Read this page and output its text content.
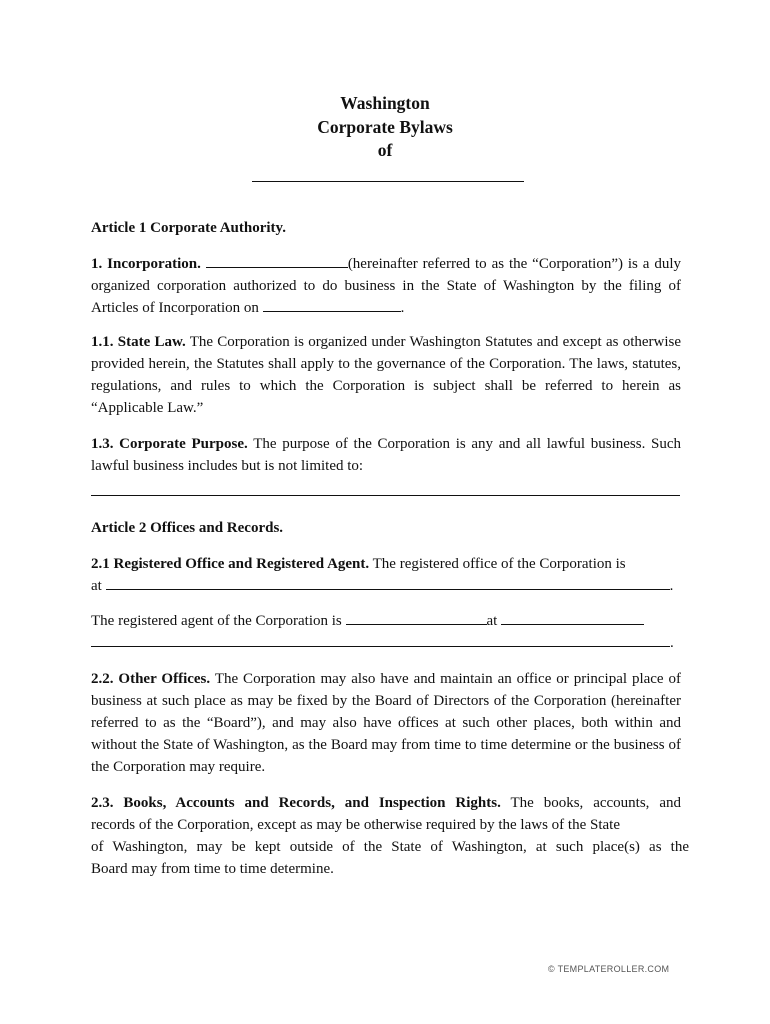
Washington
Corporate Bylaws
of
Article 1 Corporate Authority.
1. Incorporation.	(hereinafter referred to as the “Corporation”) is a duly organized corporation authorized to do business in the State of Washington by the filing of Articles of Incorporation on	.
1.1. State Law. The Corporation is organized under Washington Statutes and except as otherwise provided herein, the Statutes shall apply to the governance of the Corporation. The laws, statutes, regulations, and rules to which the Corporation is subject shall be referred to herein as “Applicable Law.”
1.3. Corporate Purpose. The purpose of the Corporation is any and all lawful business. Such lawful business includes but is not limited to:
Article 2 Offices and Records.
2.1 Registered Office and Registered Agent. The registered office of the Corporation is
at	.
The registered agent of the Corporation is	at
.
2.2. Other Offices. The Corporation may also have and maintain an office or principal place of business at such place as may be fixed by the Board of Directors of the Corporation (hereinafter referred to as the “Board”), and may also have offices at such other places, both within and without the State of Washington, as the Board may from time to time determine or the business of the Corporation may require.
2.3. Books, Accounts and Records, and Inspection Rights. The books, accounts, and
records of the Corporation, except as may be otherwise required by the laws of the State
of Washington, may be kept outside of the State of Washington, at such place(s) as the
Board may from time to time determine.
© TEMPLATEROLLER.COM
